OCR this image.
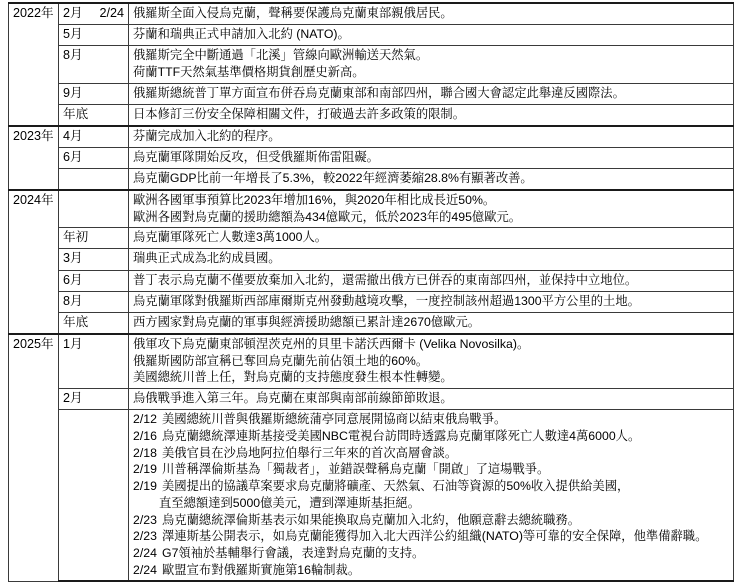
2022年	2月 2/24	俄羅斯全面入侵烏克蘭，聲稱要保護烏克蘭東部親俄居民。

	5月	芬蘭和瑞典正式申請加入北約 (NATO)。

	8月	俄羅斯完全中斷通過「北溪」管線向歐洲輸送天然氣。
荷蘭TTF天然氣基準價格期貨創歷史新高。

	9月	俄羅斯總統普丁單方面宣布併吞烏克蘭東部和南部四州，聯合國大會認定此舉違反國際法。

	年底	日本修訂三份安全保障相關文件，打破過去許多政策的限制。

2023年	4月	芬蘭完成加入北約的程序。

	6月	烏克蘭軍隊開始反攻，但受俄羅斯佈雷阻礙。

		烏克蘭GDP比前一年增長了5.3%，較2022年經濟萎縮28.8%有顯著改善。

2024年		歐洲各國軍事預算比2023年增加16%，與2020年相比成長近50%。
歐洲各國對烏克蘭的援助總額為434億歐元，低於2023年的495億歐元。

	年初	烏克蘭軍隊死亡人數達3萬1000人。

	3月	瑞典正式成為北約成員國。

	6月	普丁表示烏克蘭不僅要放棄加入北約，還需撤出俄方已併吞的東南部四州，並保持中立地位。

	8月	烏克蘭軍隊對俄羅斯西部庫爾斯克州發動越境攻擊，一度控制該州超過1300平方公里的土地。

	年底	西方國家對烏克蘭的軍事與經濟援助總額已累計達2670億歐元。

2025年	1月	俄軍攻下烏克蘭東部頓涅茨克州的貝里卡諾沃西爾卡 (Velika Novosilka)。
俄羅斯國防部宣稱已奪回烏克蘭先前佔領土地的60%。
美國總統川普上任，對烏克蘭的支持態度發生根本性轉變。

	2月	烏俄戰爭進入第三年。烏克蘭在東部與南部前線節節敗退。

2/12 美國總統川普與俄羅斯總統蒲亭同意展開協商以結束俄烏戰爭。
2/16 烏克蘭總統澤連斯基接受美國NBC電視台訪問時透露烏克蘭軍隊死亡人數達4萬6000人。
2/18 美俄官員在沙烏地阿拉伯舉行三年來的首次高層會談。
2/19 川普稱澤倫斯基為「獨裁者」，並錯誤聲稱烏克蘭「開啟」了這場戰爭。
2/19 美國提出的協議草案要求烏克蘭將礦產、天然氣、石油等資源的50%收入提供給美國，
直至總額達到5000億美元，遭到澤連斯基拒絕。
2/23 烏克蘭總統澤倫斯基表示如果能換取烏克蘭加入北約，他願意辭去總統職務。
2/23 澤連斯基公開表示，如烏克蘭能獲得加入北大西洋公約組織(NATO)等可靠的安全保障，他準備辭職。
2/24 G7領袖於基輔舉行會議，表達對烏克蘭的支持。
2/24 歐盟宣布對俄羅斯實施第16輪制裁。
